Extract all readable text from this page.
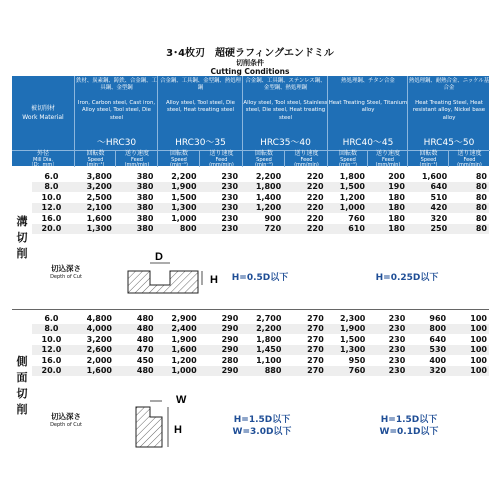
3･4枚刃　超硬ラフィングエンドミル
切削条件
Cutting Conditions
被切削材
Work Material
鉄材、炭素鋼、鋳鉄、合金鋼、工具鋼、金型鋼
Iron, Carbon steel, Cast iron, Alloy steel, Tool steel, Die steel
～HRC30
合金鋼、工具鋼、金型鋼、熱処理鋼
Alloy steel, Tool steel, Die steel, Heat treating steel
HRC30～35
合金鋼、工具鋼、ステンレス鋼、金型鋼、熱処理鋼
Alloy steel, Tool steel, Stainless steel, Die steel, Heat treating steel
HRC35～40
熱処理鋼、チタン合金
Heat Treating Steel, Titanium alloy
HRC40～45
熱処理鋼、耐熱合金、ニッケル基合金
Heat Treating Steel, Heat resistant alloy, Nickel base alloy
HRC45～50
外径
Mill Dia.
（D：mm）
回転数
Speed
(min⁻¹)
送り速度
Feed
(mm/min)
回転数
Speed
(min⁻¹)
送り速度
Feed
(mm/min)
回転数
Speed
(min⁻¹)
送り速度
Feed
(mm/min)
回転数
Speed
(min⁻¹)
送り速度
Feed
(mm/min)
回転数
Speed
(min⁻¹)
送り速度
Feed
(mm/min)
溝
切
削
6.0	3,800	380	2,200	230	2,200	220	1,800	200	1,600	80
8.0	3,200	380	1,900	230	1,800	220	1,500	190	640	80
10.0	2,500	380	1,500	230	1,400	220	1,200	180	510	80
12.0	2,100	380	1,300	230	1,200	220	1,000	180	420	80
16.0	1,600	380	1,000	230	900	220	760	180	320	80
20.0	1,300	380	800	230	720	220	610	180	250	80
切込深さ
Depth of Cut
D
H	H=0.5D以下	H=0.25D以下
側
面
切
削
6.0	4,800	480	2,900	290	2,700	270	2,300	230	960	100
8.0	4,000	480	2,400	290	2,200	270	1,900	230	800	100
10.0	3,200	480	1,900	290	1,800	270	1,500	230	640	100
12.0	2,600	470	1,600	290	1,450	270	1,300	230	530	100
16.0	2,000	450	1,200	280	1,100	270	950	230	400	100
20.0	1,600	480	1,000	290	880	270	760	230	320	100
切込深さ
Depth of Cut
W
H
H=1.5D以下
W=3.0D以下
H=1.5D以下
W=0.1D以下
